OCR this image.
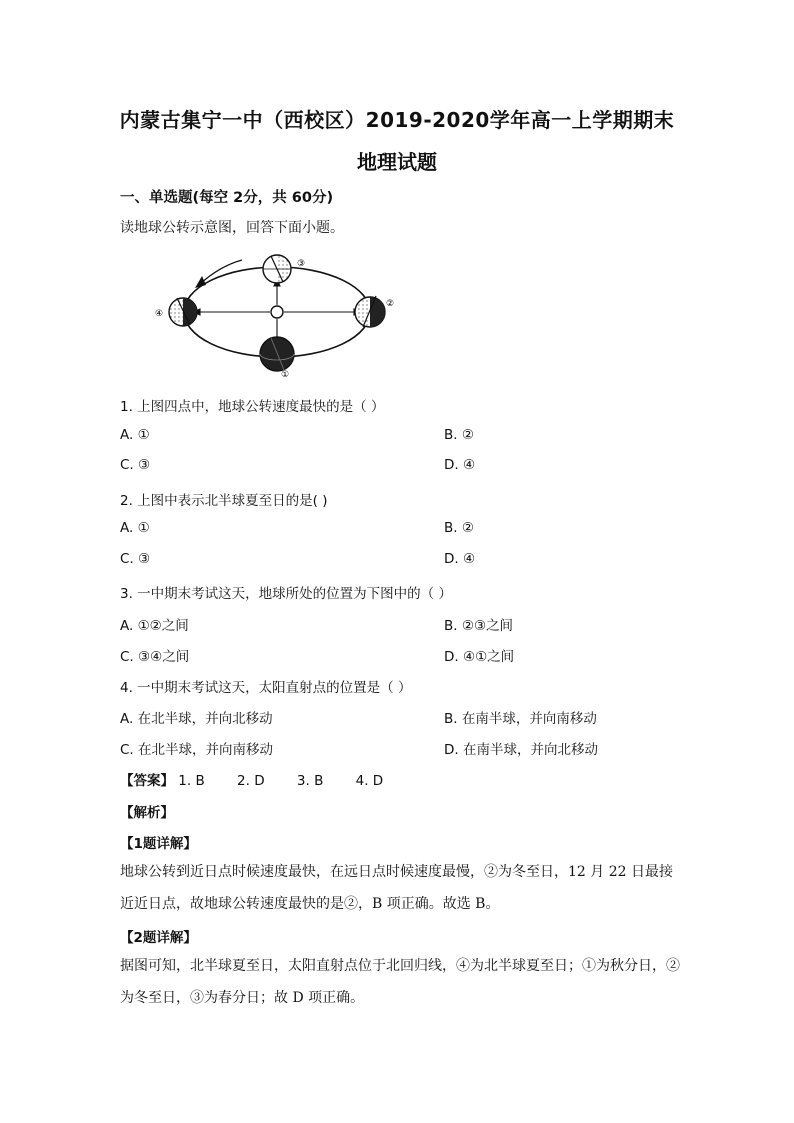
内蒙古集宁一中（西校区）2019-2020学年高一上学期期末
地理试题
一、单选题(每空 2分，共 60分)
读地球公转示意图，回答下面小题。
③
①
④
②
1. 上图四点中，地球公转速度最快的是（ ）
A. ①	B. ②
C. ③	D. ④
2. 上图中表示北半球夏至日的是( )
A. ①	B. ②
C. ③	D. ④
3. 一中期末考试这天，地球所处的位置为下图中的（ ）
A. ①②之间	B. ②③之间
C. ③④之间	D. ④①之间
4. 一中期末考试这天，太阳直射点的位置是（ ）
A. 在北半球，并向北移动	B. 在南半球，并向南移动
C. 在北半球，并向南移动	D. 在南半球，并向北移动
【答案】 1. B 2. D 3. B 4. D
【解析】
【1题详解】
地球公转到近日点时候速度最快，在远日点时候速度最慢，②为冬至日，12 月 22 日最接近近日点，故地球公转速度最快的是②，B 项正确。故选 B。
【2题详解】
据图可知，北半球夏至日，太阳直射点位于北回归线，④为北半球夏至日；①为秋分日，②为冬至日，③为春分日；故 D 项正确。
